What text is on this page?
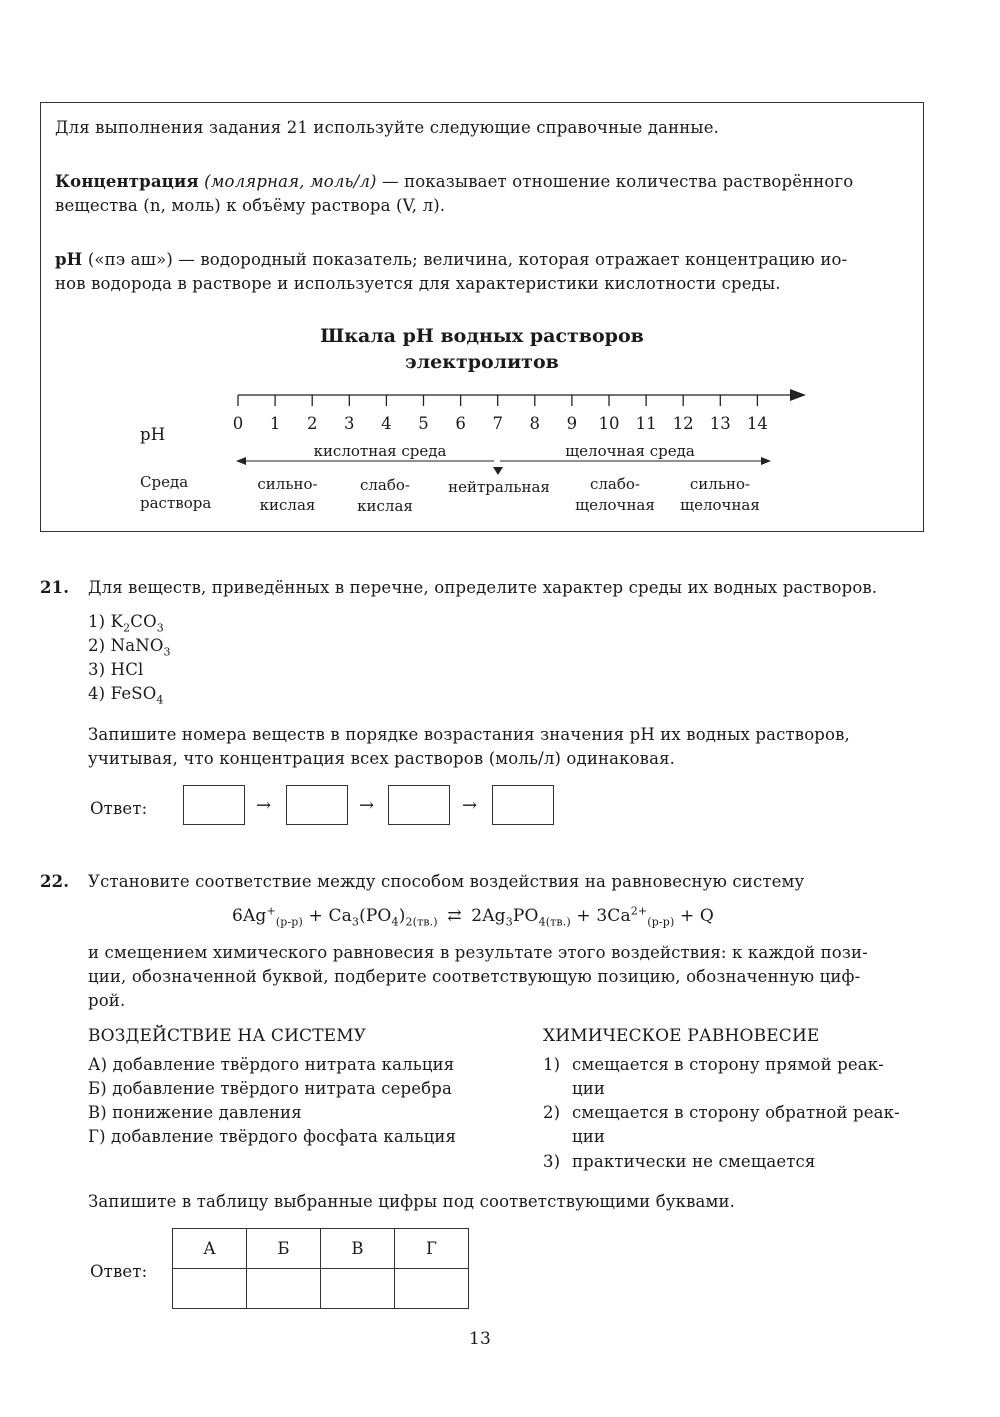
Для выполнения задания 21 используйте следующие справочные данные.
Концентрация (молярная, моль/л) — показывает отношение количества растворённого
вещества (n, моль) к объёму раствора (V, л).
pH («пэ аш») — водородный показатель; величина, которая отражает концентрацию ио-
нов водорода в растворе и используется для характеристики кислотности среды.
Шкала pH водных растворов
электролитов
0	1	2	3	4	5	6	7	8	9	10 11 12 13 14
pH
кислотная среда	щелочная среда
Среда
раствора
сильно-
кислая
слабо-
кислая
нейтральная	слабо-
щелочная
сильно-
щелочная
21. Для веществ, приведённых в перечне, определите характер среды их водных растворов.
1) $K_2CO_3$
2) NaNO$_3$
3) HCl
4) FeSO$_4$
Запишите номера веществ в порядке возрастания значения pH их водных растворов,
учитывая, что концентрация всех растворов (моль/л) одинаковая.
Ответ:	→	→	→
22. Установите соответствие между способом воздействия на равновесную систему
$6Ag^+_{(р-р)} + Ca_3(PO_4)_{2(тв.)}$ ⇄ $2Ag_3PO_{4(тв.)} + 3Ca^{2+}_{(р-р)} + Q$
и смещением химического равновесия в результате этого воздействия: к каждой пози-
ции, обозначенной буквой, подберите соответствующую позицию, обозначенную циф-
рой.
ВОЗДЕЙСТВИЕ НА СИСТЕМУ
А) добавление твёрдого нитрата кальция
Б) добавление твёрдого нитрата серебра
В) понижение давления
Г) добавление твёрдого фосфата кальция
ХИМИЧЕСКОЕ РАВНОВЕСИЕ
1) смещается в сторону прямой реак-
ции
2) смещается в сторону обратной реак-
ции
3) практически не смещается
Запишите в таблицу выбранные цифры под соответствующими буквами.
Ответ:
А	Б	В	Г

13
